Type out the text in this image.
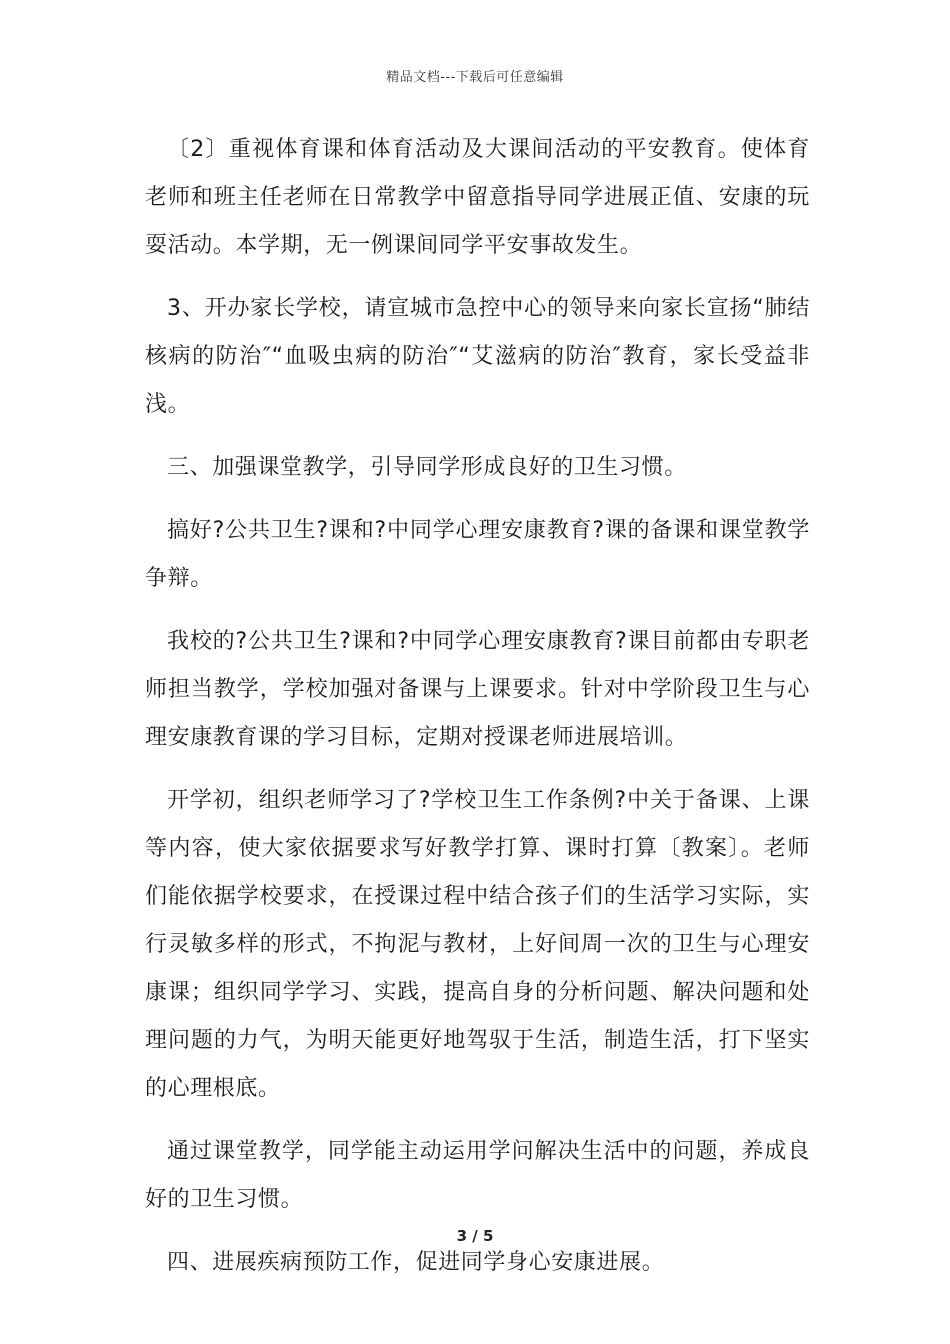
精品文档---下载后可任意编辑

〔2〕重视体育课和体育活动及大课间活动的平安教育。使体育老师和班主任老师在日常教学中留意指导同学进展正值、安康的玩耍活动。本学期，无一例课间同学平安事故发生。

3、开办家长学校，请宣城市急控中心的领导来向家长宣扬“肺结核病的防治″“血吸虫病的防治″“艾滋病的防治″教育，家长受益非浅。

三、加强课堂教学，引导同学形成良好的卫生习惯。

搞好?公共卫生?课和?中同学心理安康教育?课的备课和课堂教学争辩。

我校的?公共卫生?课和?中同学心理安康教育?课目前都由专职老师担当教学，学校加强对备课与上课要求。针对中学阶段卫生与心理安康教育课的学习目标，定期对授课老师进展培训。

开学初，组织老师学习了?学校卫生工作条例?中关于备课、上课等内容，使大家依据要求写好教学打算、课时打算〔教案〕。老师们能依据学校要求，在授课过程中结合孩子们的生活学习实际，实行灵敏多样的形式，不拘泥与教材，上好间周一次的卫生与心理安康课；组织同学学习、实践，提高自身的分析问题、解决问题和处理问题的力气，为明天能更好地驾驭于生活，制造生活，打下坚实的心理根底。

通过课堂教学，同学能主动运用学问解决生活中的问题，养成良好的卫生习惯。

四、进展疾病预防工作，促进同学身心安康进展。

3 / 5
